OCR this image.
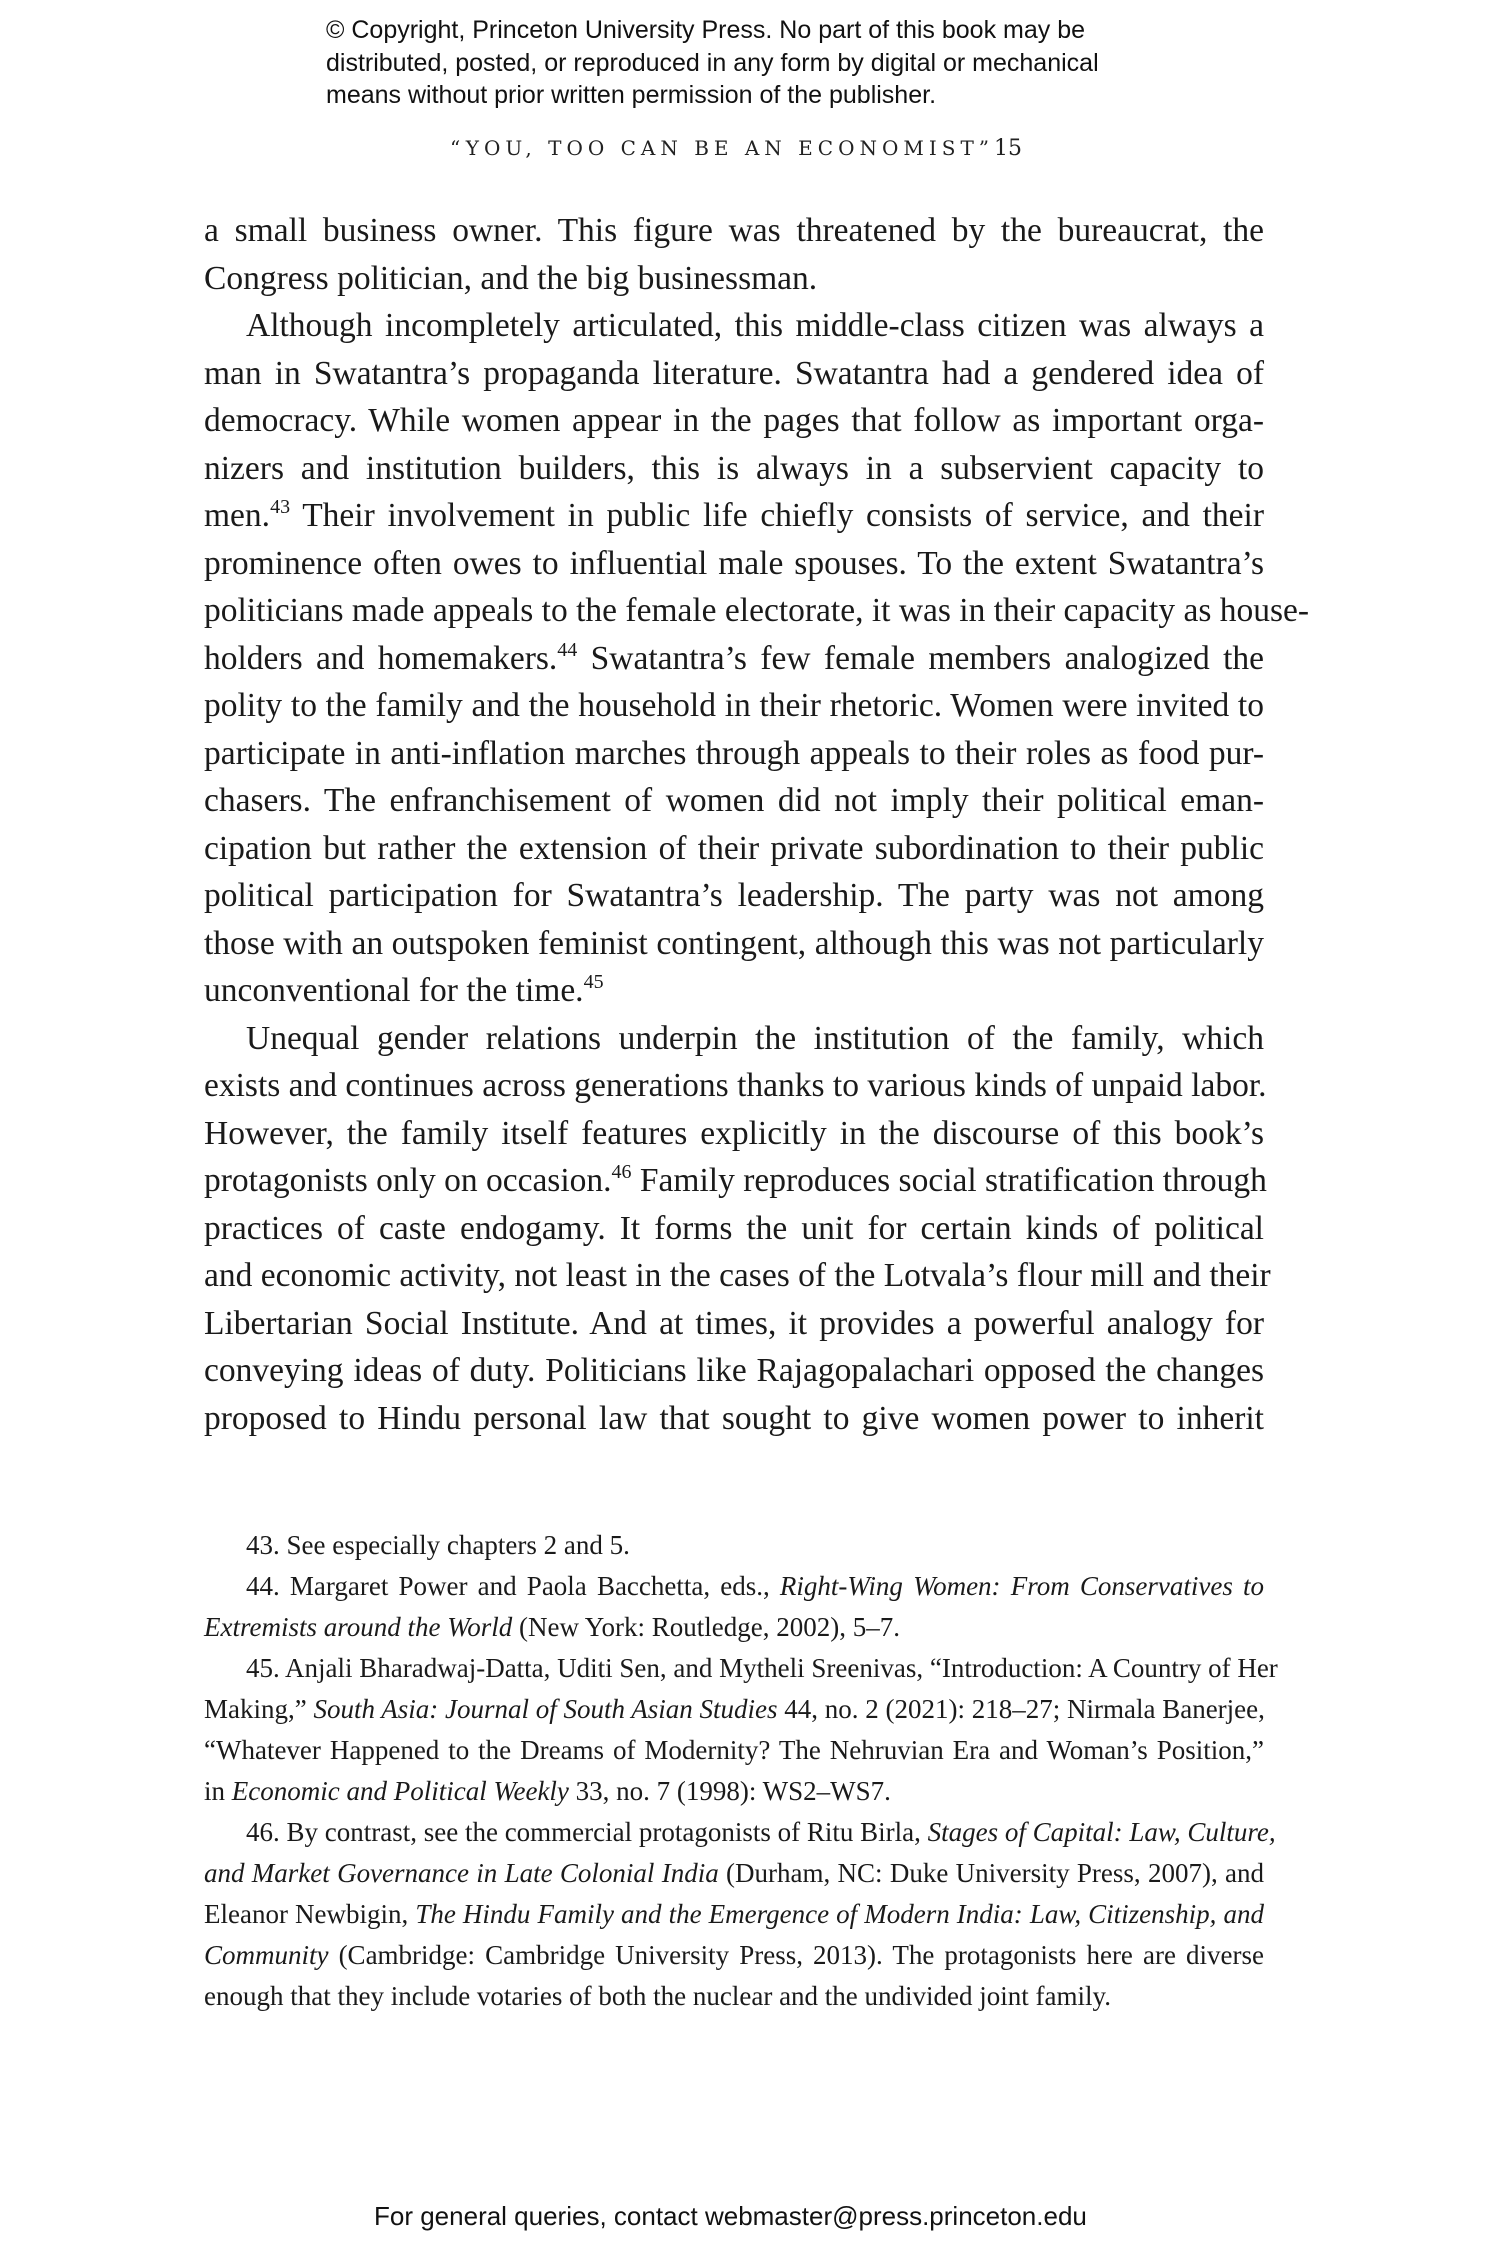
© Copyright, Princeton University Press. No part of this book may be
distributed, posted, or reproduced in any form by digital or mechanical
means without prior written permission of the publisher.
“YOU, TOO CAN BE AN ECONOMIST” 15
a small business owner. This figure was threatened by the bureaucrat, the
Congress politician, and the big businessman.
Although incompletely articulated, this middle-class citizen was always a
man in Swatantra’s propaganda literature. Swatantra had a gendered idea of
democracy. While women appear in the pages that follow as important orga-
nizers and institution builders, this is always in a subservient capacity to
men.$^{43}$ Their involvement in public life chiefly consists of service, and their
prominence often owes to influential male spouses. To the extent Swatantra’s
politicians made appeals to the female electorate, it was in their capacity as house-
holders and homemakers.$^{44}$ Swatantra’s few female members analogized the
polity to the family and the household in their rhetoric. Women were invited to
participate in anti-inflation marches through appeals to their roles as food pur-
chasers. The enfranchisement of women did not imply their political eman-
cipation but rather the extension of their private subordination to their public
political participation for Swatantra’s leadership. The party was not among
those with an outspoken feminist contingent, although this was not particularly
unconventional for the time.$^{45}$
Unequal gender relations underpin the institution of the family, which
exists and continues across generations thanks to various kinds of unpaid labor.
However, the family itself features explicitly in the discourse of this book’s
protagonists only on occasion.$^{46}$ Family reproduces social stratification through
practices of caste endogamy. It forms the unit for certain kinds of political
and economic activity, not least in the cases of the Lotvala’s flour mill and their
Libertarian Social Institute. And at times, it provides a powerful analogy for
conveying ideas of duty. Politicians like Rajagopalachari opposed the changes
proposed to Hindu personal law that sought to give women power to inherit
43. See especially chapters 2 and 5.
44. Margaret Power and Paola Bacchetta, eds., Right-Wing Women: From Conservatives to
Extremists around the World (New York: Routledge, 2002), 5–7.
45. Anjali Bharadwaj-Datta, Uditi Sen, and Mytheli Sreenivas, “Introduction: A Country of Her
Making,” South Asia: Journal of South Asian Studies 44, no. 2 (2021): 218–27; Nirmala Banerjee,
“Whatever Happened to the Dreams of Modernity? The Nehruvian Era and Woman’s Position,”
in Economic and Political Weekly 33, no. 7 (1998): WS2–WS7.
46. By contrast, see the commercial protagonists of Ritu Birla, Stages of Capital: Law, Culture,
and Market Governance in Late Colonial India (Durham, NC: Duke University Press, 2007), and
Eleanor Newbigin, The Hindu Family and the Emergence of Modern India: Law, Citizenship, and
Community (Cambridge: Cambridge University Press, 2013). The protagonists here are diverse
enough that they include votaries of both the nuclear and the undivided joint family.
For general queries, contact webmaster@press.princeton.edu
